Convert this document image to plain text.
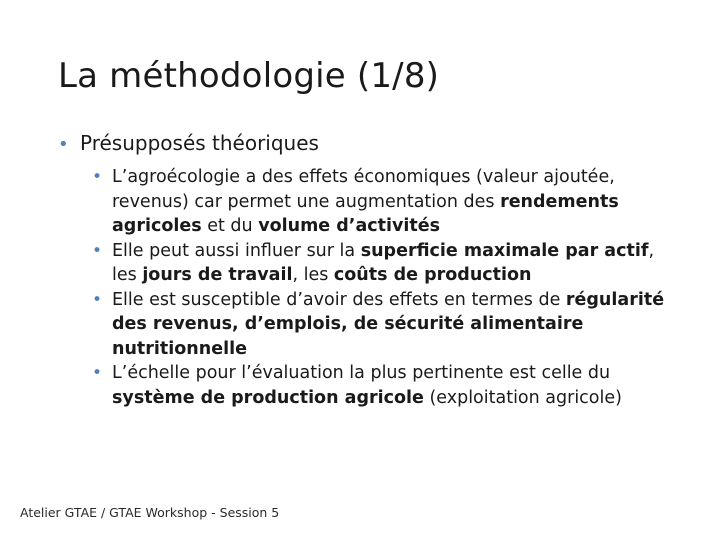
La méthodologie (1/8)
• Présupposés théoriques
• L’agroécologie a des effets économiques (valeur ajoutée, revenus) car permet une augmentation des rendements agricoles et du volume d’activités
• Elle peut aussi influer sur la superficie maximale par actif, les jours de travail, les coûts de production
• Elle est susceptible d’avoir des effets en termes de régularité des revenus, d’emplois, de sécurité alimentaire nutritionnelle
• L’échelle pour l’évaluation la plus pertinente est celle du système de production agricole (exploitation agricole)
Atelier GTAE / GTAE Workshop - Session 5
